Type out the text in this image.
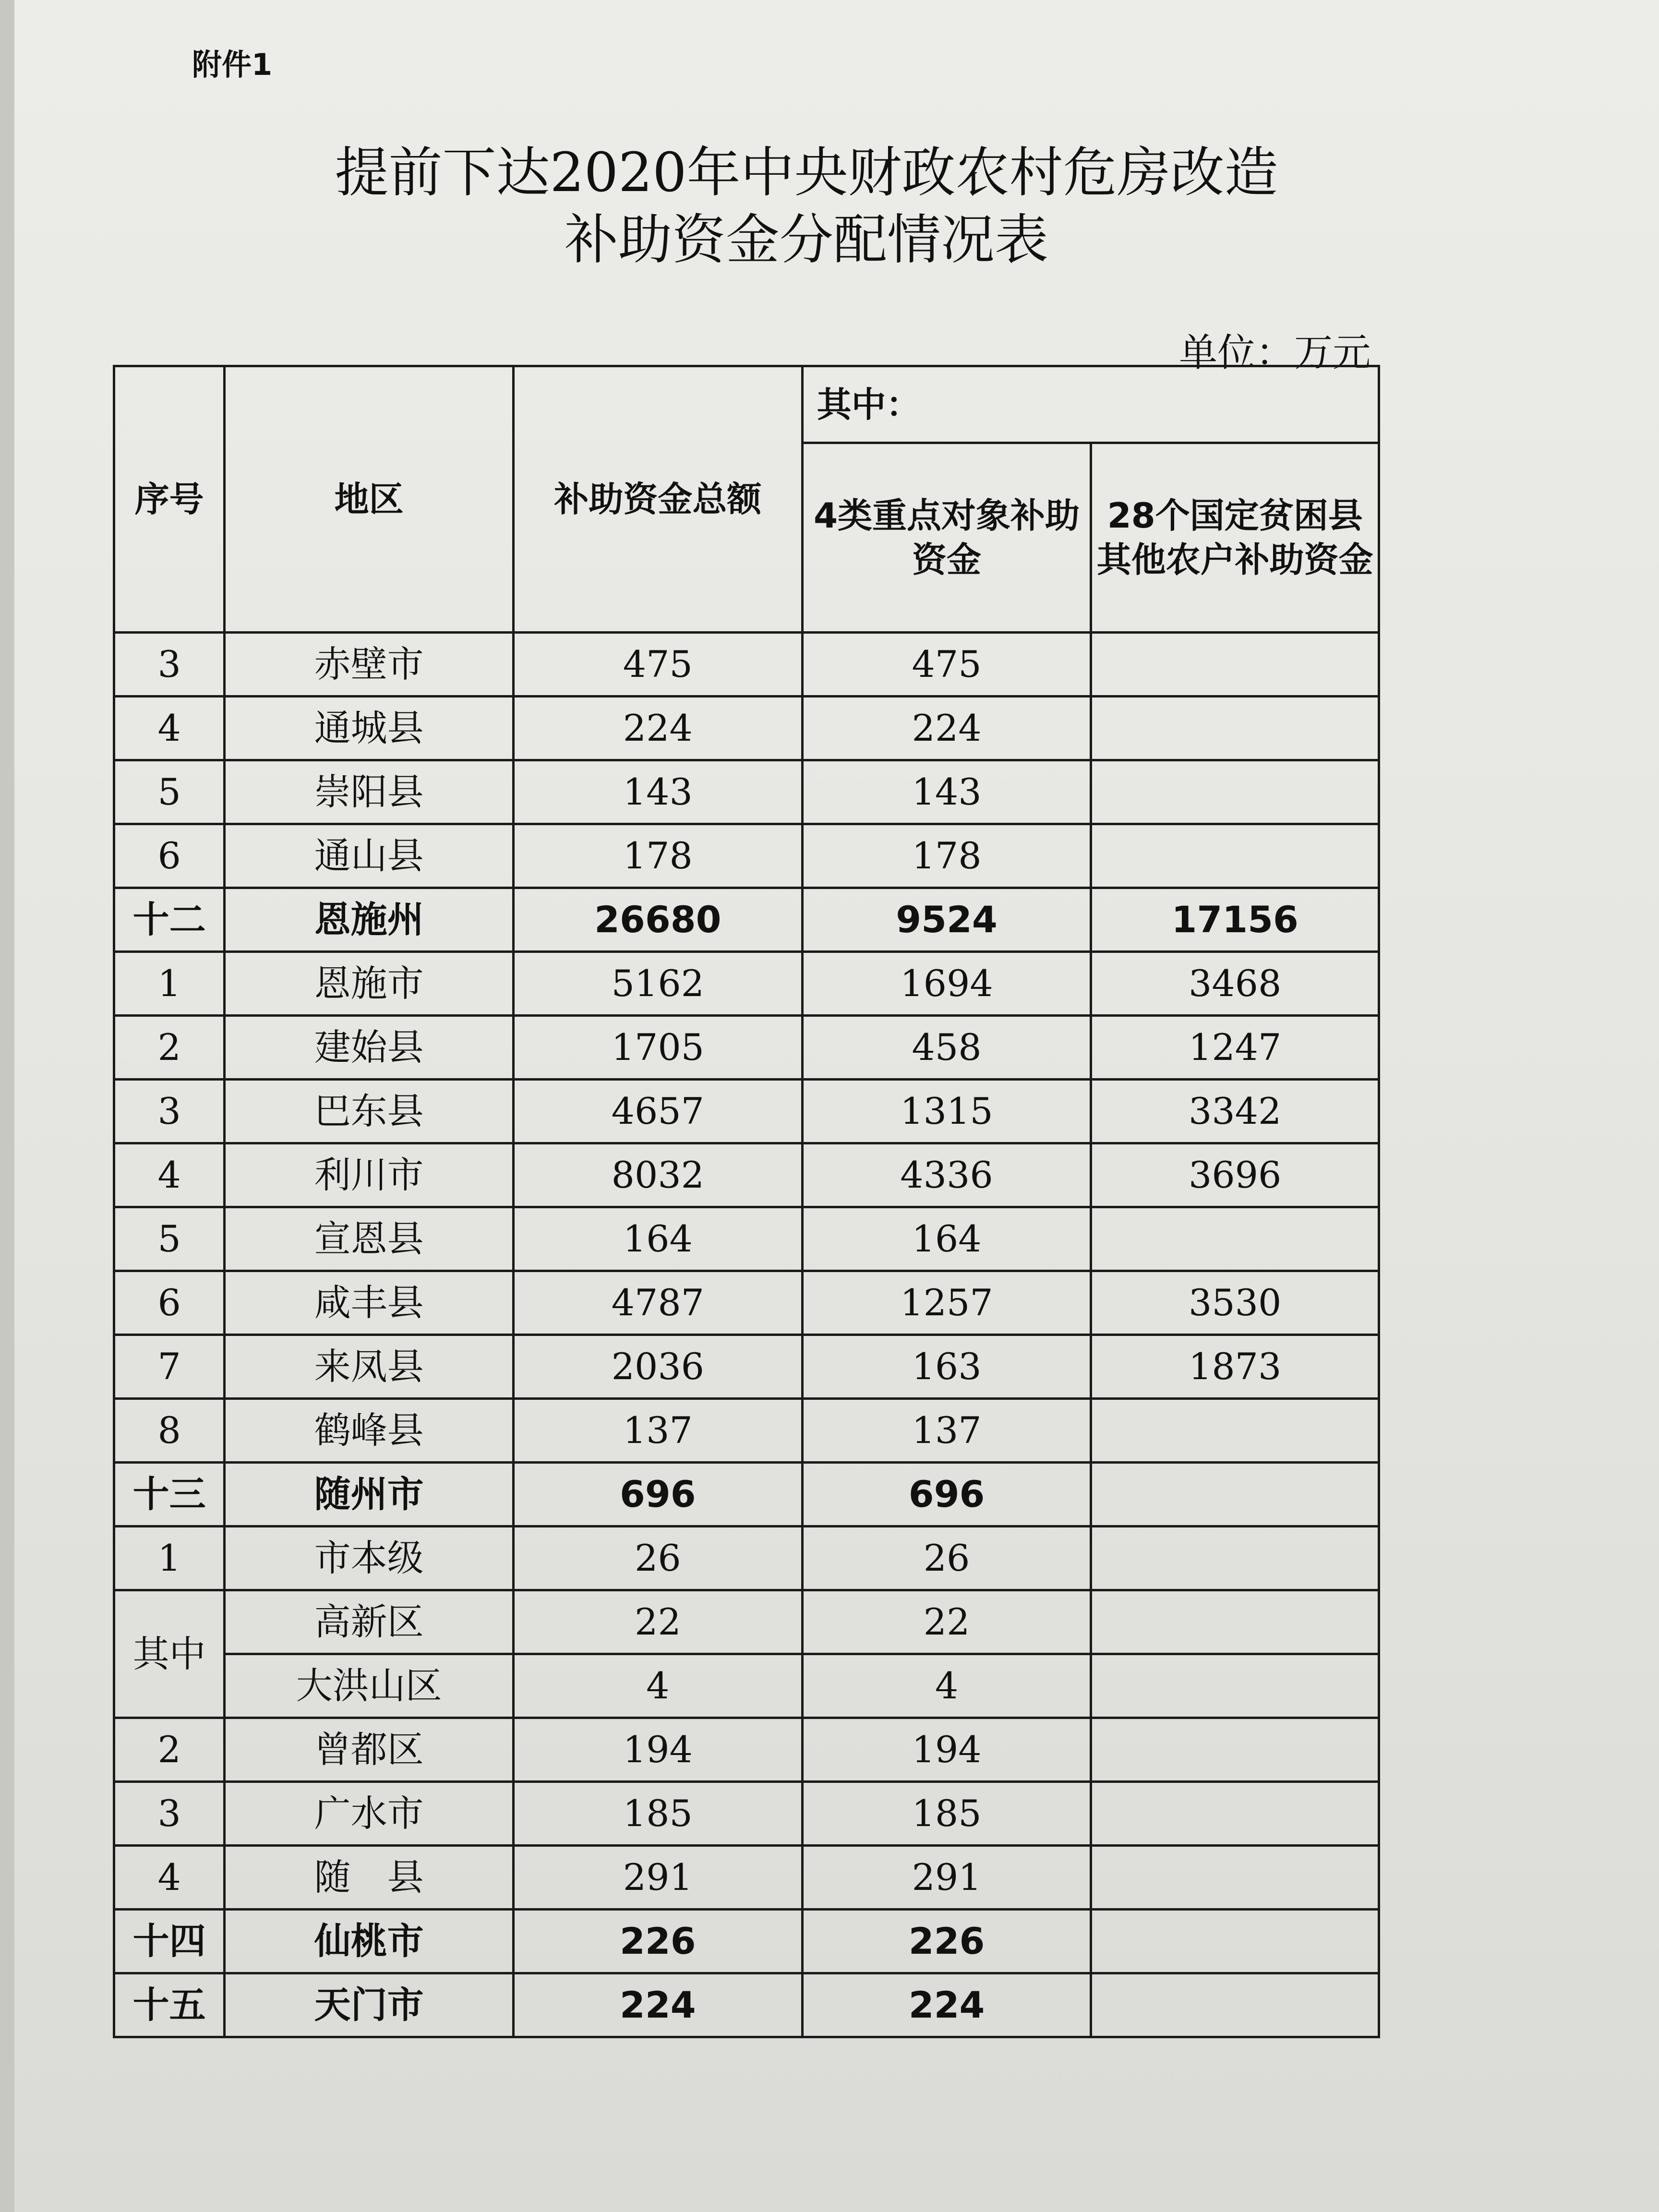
附件1
提前下达2020年中央财政农村危房改造
补助资金分配情况表
单位：万元
序号	地区	补助资金总额	其中：	
			4类重点对象补助资金	28个国定贫困县其他农户补助资金
3	赤壁市	475	475	
4	通城县	224	224	
5	崇阳县	143	143	
6	通山县	178	178	
十二	恩施州	26680	9524	17156
1	恩施市	5162	1694	3468
2	建始县	1705	458	1247
3	巴东县	4657	1315	3342
4	利川市	8032	4336	3696
5	宣恩县	164	164	
6	咸丰县	4787	1257	3530
7	来凤县	2036	163	1873
8	鹤峰县	137	137	
十三	随州市	696	696	
1	市本级	26	26	
其中	高新区	22	22	
	大洪山区	4	4	
2	曾都区	194	194	
3	广水市	185	185	
4	随　县	291	291	
十四	仙桃市	226	226	
十五	天门市	224	224	
